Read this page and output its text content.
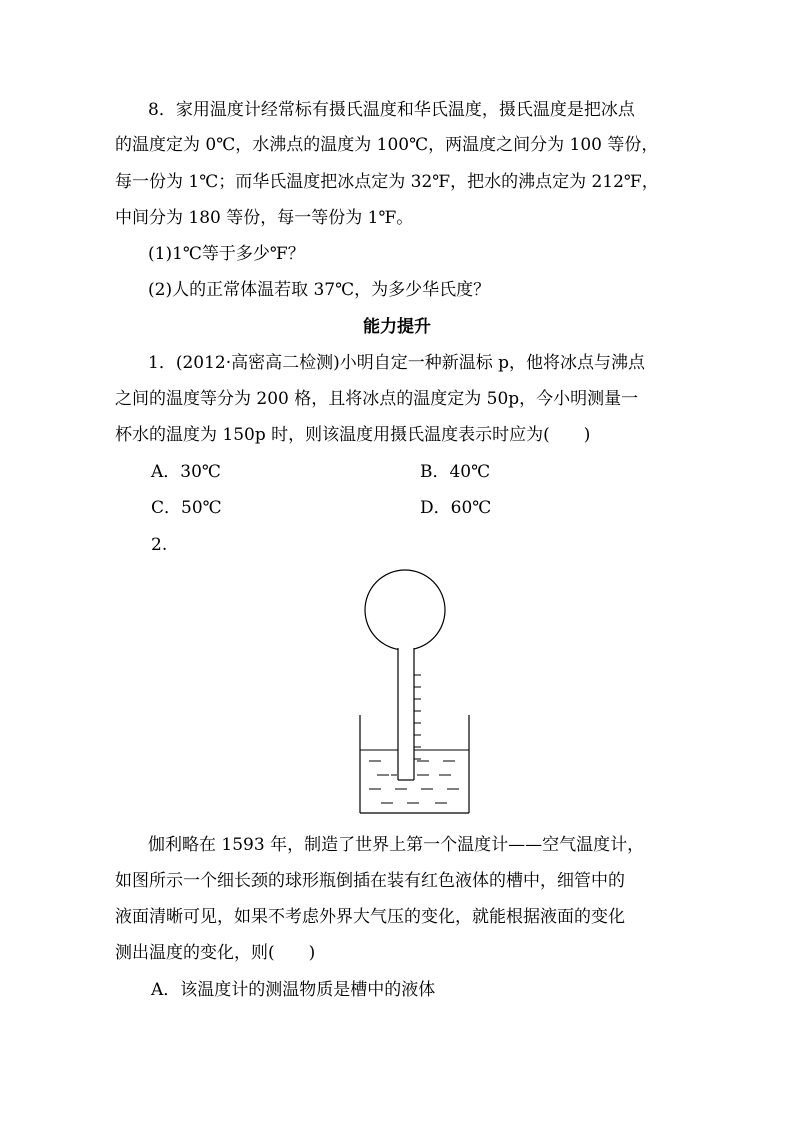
8．家用温度计经常标有摄氏温度和华氏温度，摄氏温度是把冰点
的温度定为 0℃，水沸点的温度为 100℃，两温度之间分为 100 等份，
每一份为 1℃；而华氏温度把冰点定为 32℉，把水的沸点定为 212℉，
中间分为 180 等份，每一等份为 1℉。
(1)1℃等于多少℉？
(2)人的正常体温若取 37℃，为多少华氏度？
能力提升
1．(2012·高密高二检测)小明自定一种新温标 p，他将冰点与沸点
之间的温度等分为 200 格，且将冰点的温度定为 50p，今小明测量一
杯水的温度为 150p 时，则该温度用摄氏温度表示时应为(　　)
A．30℃	B．40℃
C．50℃	D．60℃
2.
伽利略在 1593 年，制造了世界上第一个温度计——空气温度计，
如图所示一个细长颈的球形瓶倒插在装有红色液体的槽中，细管中的
液面清晰可见，如果不考虑外界大气压的变化，就能根据液面的变化
测出温度的变化，则(　　)
A．该温度计的测温物质是槽中的液体
